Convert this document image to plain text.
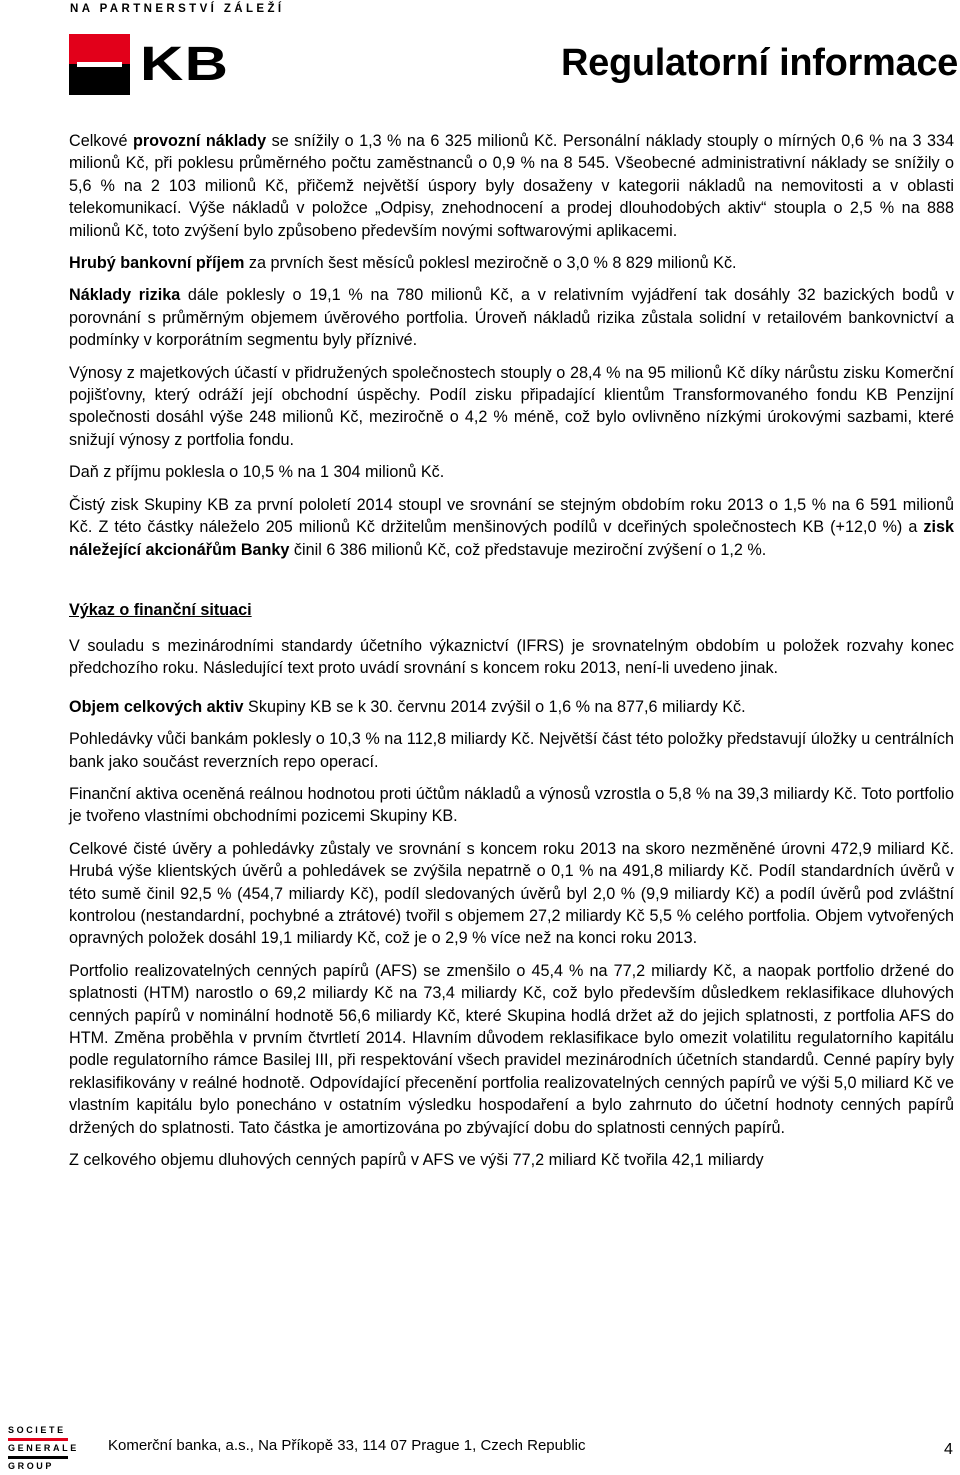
NA PARTNERSTVÍ ZÁLEŽÍ
KB	Regulatorní informace

Celkové provozní náklady se snížily o 1,3 % na 6 325 milionů Kč. Personální náklady stouply o mírných 0,6 % na 3 334 milionů Kč, při poklesu průměrného počtu zaměstnanců o 0,9 % na 8 545. Všeobecné administrativní náklady se snížily o 5,6 % na 2 103 milionů Kč, přičemž největší úspory byly dosaženy v kategorii nákladů na nemovitosti a v oblasti telekomunikací. Výše nákladů v položce „Odpisy, znehodnocení a prodej dlouhodobých aktiv“ stoupla o 2,5 % na 888 milionů Kč, toto zvýšení bylo způsobeno především novými softwarovými aplikacemi.

Hrubý bankovní příjem za prvních šest měsíců poklesl meziročně o 3,0 % 8 829 milionů Kč.

Náklady rizika dále poklesly o 19,1 % na 780 milionů Kč, a v relativním vyjádření tak dosáhly 32 bazických bodů v porovnání s průměrným objemem úvěrového portfolia. Úroveň nákladů rizika zůstala solidní v retailovém bankovnictví a podmínky v korporátním segmentu byly příznivé.

Výnosy z majetkových účastí v přidružených společnostech stouply o 28,4 % na 95 milionů Kč díky nárůstu zisku Komerční pojišťovny, který odráží její obchodní úspěchy. Podíl zisku připadající klientům Transformovaného fondu KB Penzijní společnosti dosáhl výše 248 milionů Kč, meziročně o 4,2 % méně, což bylo ovlivněno nízkými úrokovými sazbami, které snižují výnosy z portfolia fondu.

Daň z příjmu poklesla o 10,5 % na 1 304 milionů Kč.

Čistý zisk Skupiny KB za první pololetí 2014 stoupl ve srovnání se stejným obdobím roku 2013 o 1,5 % na 6 591 milionů Kč. Z této částky náleželo 205 milionů Kč držitelům menšinových podílů v dceřiných společnostech KB (+12,0 %) a zisk náležející akcionářům Banky činil 6 386 milionů Kč, což představuje meziroční zvýšení o 1,2 %.

Výkaz o finanční situaci

V souladu s mezinárodními standardy účetního výkaznictví (IFRS) je srovnatelným obdobím u položek rozvahy konec předchozího roku. Následující text proto uvádí srovnání s koncem roku 2013, není-li uvedeno jinak.

Objem celkových aktiv Skupiny KB se k 30. červnu 2014 zvýšil o 1,6 % na 877,6 miliardy Kč.

Pohledávky vůči bankám poklesly o 10,3 % na 112,8 miliardy Kč. Největší část této položky představují úložky u centrálních bank jako součást reverzních repo operací.

Finanční aktiva oceněná reálnou hodnotou proti účtům nákladů a výnosů vzrostla o 5,8 % na 39,3 miliardy Kč. Toto portfolio je tvořeno vlastními obchodními pozicemi Skupiny KB.

Celkové čisté úvěry a pohledávky zůstaly ve srovnání s koncem roku 2013 na skoro nezměněné úrovni 472,9 miliard Kč. Hrubá výše klientských úvěrů a pohledávek se zvýšila nepatrně o 0,1 % na 491,8 miliardy Kč. Podíl standardních úvěrů v této sumě činil 92,5 % (454,7 miliardy Kč), podíl sledovaných úvěrů byl 2,0 % (9,9 miliardy Kč) a podíl úvěrů pod zvláštní kontrolou (nestandardní, pochybné a ztrátové) tvořil s objemem 27,2 miliardy Kč 5,5 % celého portfolia. Objem vytvořených opravných položek dosáhl 19,1 miliardy Kč, což je o 2,9 % více než na konci roku 2013.

Portfolio realizovatelných cenných papírů (AFS) se zmenšilo o 45,4 % na 77,2 miliardy Kč, a naopak portfolio držené do splatnosti (HTM) narostlo o 69,2 miliardy Kč na 73,4 miliardy Kč, což bylo především důsledkem reklasifikace dluhových cenných papírů v nominální hodnotě 56,6 miliardy Kč, které Skupina hodlá držet až do jejich splatnosti, z portfolia AFS do HTM. Změna proběhla v prvním čtvrtletí 2014. Hlavním důvodem reklasifikace bylo omezit volatilitu regulatorního kapitálu podle regulatorního rámce Basilej III, při respektování všech pravidel mezinárodních účetních standardů. Cenné papíry byly reklasifikovány v reálné hodnotě. Odpovídající přecenění portfolia realizovatelných cenných papírů ve výši 5,0 miliard Kč ve vlastním kapitálu bylo ponecháno v ostatním výsledku hospodaření a bylo zahrnuto do účetní hodnoty cenných papírů držených do splatnosti. Tato částka je amortizována po zbývající dobu do splatnosti cenných papírů.

Z celkového objemu dluhových cenných papírů v AFS ve výši 77,2 miliard Kč tvořila 42,1 miliardy

SOCIETE
GENERALE
GROUP
Komerční banka, a.s., Na Příkopě 33, 114 07 Prague 1, Czech Republic	4
